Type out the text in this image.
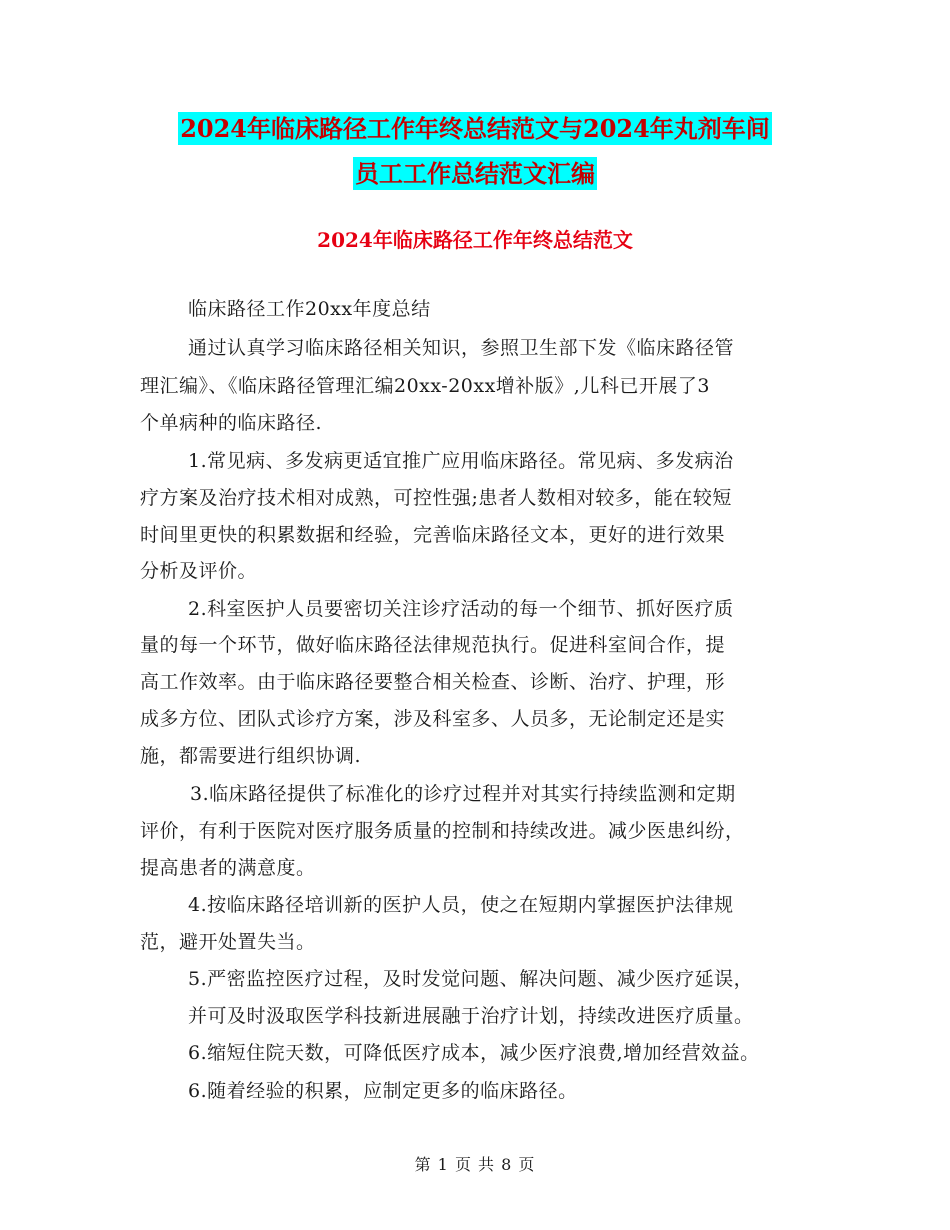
2024年临床路径工作年终总结范文与2024年丸剂车间
员工工作总结范文汇编
2024年临床路径工作年终总结范文
临床路径工作20xx年度总结
通过认真学习临床路径相关知识，参照卫生部下发《临床路径管
理汇编》、《临床路径管理汇编20xx-20xx增补版》,儿科已开展了3
个单病种的临床路径.
1.常见病、多发病更适宜推广应用临床路径。常见病、多发病治
疗方案及治疗技术相对成熟，可控性强;患者人数相对较多，能在较短
时间里更快的积累数据和经验，完善临床路径文本，更好的进行效果
分析及评价。
2.科室医护人员要密切关注诊疗活动的每一个细节、抓好医疗质
量的每一个环节，做好临床路径法律规范执行。促进科室间合作，提
高工作效率。由于临床路径要整合相关检查、诊断、治疗、护理，形
成多方位、团队式诊疗方案，涉及科室多、人员多，无论制定还是实
施，都需要进行组织协调.
3.临床路径提供了标准化的诊疗过程并对其实行持续监测和定期
评价，有利于医院对医疗服务质量的控制和持续改进。减少医患纠纷，
提高患者的满意度。
4.按临床路径培训新的医护人员，使之在短期内掌握医护法律规
范，避开处置失当。
5.严密监控医疗过程，及时发觉问题、解决问题、减少医疗延误，
并可及时汲取医学科技新进展融于治疗计划，持续改进医疗质量。
6.缩短住院天数，可降低医疗成本，减少医疗浪费,增加经营效益。
6.随着经验的积累，应制定更多的临床路径。
第 1 页 共 8 页
